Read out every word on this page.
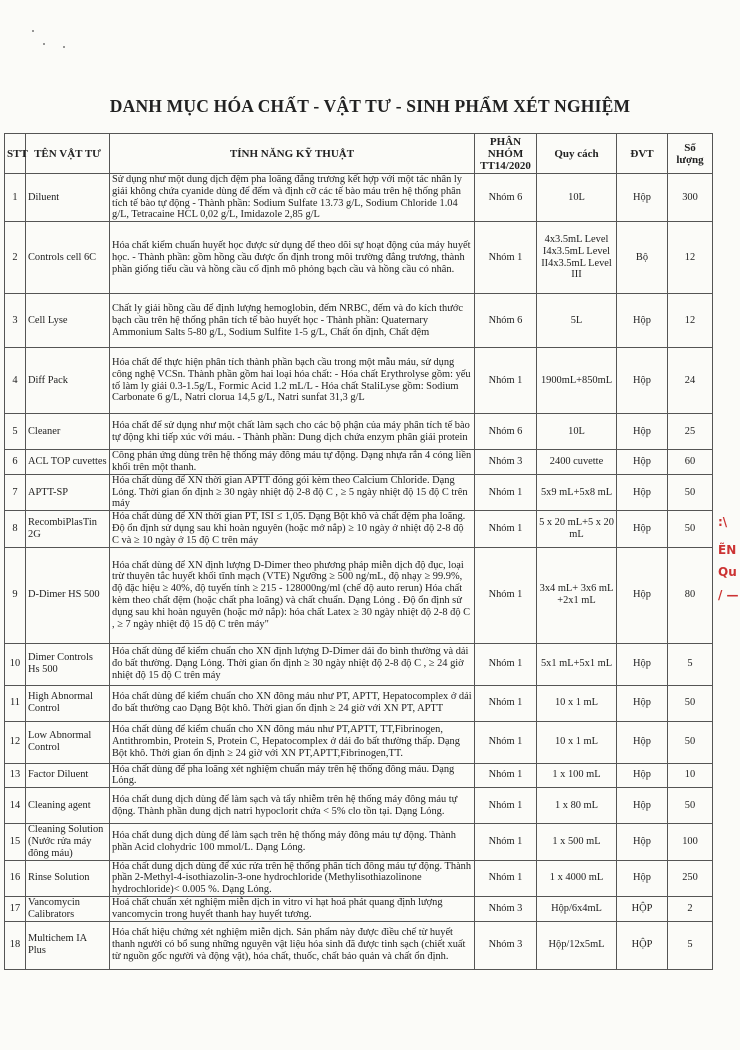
DANH MỤC HÓA CHẤT - VẬT TƯ - SINH PHẨM XÉT NGHIỆM
STT	TÊN VẬT TƯ	TÍNH NĂNG KỸ THUẬT	PHÂN NHÓM TT14/2020	Quy cách	ĐVT	Số lượng
1	Diluent	Sử dụng như một dung dịch đệm pha loãng đẳng trương kết hợp với một tác nhân ly giải không chứa cyanide dùng để đếm và định cỡ các tế bào máu trên hệ thống phân tích tế bào tự động - Thành phần: Sodium Sulfate 13.73 g/L, Sodium Chloride 1.04 g/L, Tetracaine HCL 0,02 g/L, Imidazole 2,85 g/L	Nhóm 6	10L	Hộp	300
2	Controls cell 6C	Hóa chất kiểm chuẩn huyết học được sử dụng để theo dõi sự hoạt động của máy huyết học. - Thành phần: gồm hồng cầu được ổn định trong môi trường đẳng trương, thành phần giống tiểu cầu và hồng cầu cố định mô phỏng bạch cầu và hồng cầu có nhân.	Nhóm 1	4x3.5mL Level I4x3.5mL Level II4x3.5mL Level III	Bộ	12
3	Cell Lyse	Chất ly giải hồng cầu để định lượng hemoglobin, đếm NRBC, đếm và đo kích thước bạch cầu trên hệ thống phân tích tế bào huyết học - Thành phần: Quaternary Ammonium Salts 5-80 g/L, Sodium Sulfite 1-5 g/L, Chất ổn định, Chất đệm	Nhóm 6	5L	Hộp	12
4	Diff Pack	Hóa chất để thực hiện phân tích thành phần bạch cầu trong một mẫu máu, sử dụng công nghệ VCSn. Thành phần gồm hai loại hóa chất: - Hóa chất Erythrolyse gồm: yếu tố làm ly giải 0.3-1.5g/L, Formic Acid 1.2 mL/L - Hóa chất StaliLyse gồm: Sodium Carbonate 6 g/L, Natri clorua 14,5 g/L, Natri sunfat 31,3 g/L	Nhóm 1	1900mL+850mL	Hộp	24
5	Cleaner	Hóa chất để sử dụng như một chất làm sạch cho các bộ phận của máy phân tích tế bào tự động khi tiếp xúc với máu. - Thành phần: Dung dịch chứa enzym phân giải protein	Nhóm 6	10L	Hộp	25
6	ACL TOP cuvettes	Công phản ứng dùng trên hệ thống máy đông máu tự động. Dạng nhựa rắn 4 cóng liền khối trên một thanh.	Nhóm 3	2400 cuvette	Hộp	60
7	APTT-SP	Hóa chất dùng để XN thời gian APTT đóng gói kèm theo Calcium Chloride. Dạng Lỏng. Thời gian ổn định ≥ 30 ngày nhiệt độ 2-8 độ C , ≥ 5 ngày nhiệt độ 15 độ C trên máy	Nhóm 1	5x9 mL+5x8 mL	Hộp	50
8	RecombiPlasTin 2G	Hóa chất dùng để XN thời gian PT, ISI ≤ 1,05. Dạng Bột khô và chất đệm pha loãng. Độ ổn định sử dụng sau khi hoàn nguyên (hoặc mở nắp) ≥ 10 ngày ở nhiệt độ 2-8 độ C và ≥ 10 ngày ở 15 độ C trên máy	Nhóm 1	5 x 20 mL+5 x 20 mL	Hộp	50
9	D-Dimer HS 500	Hóa chất dùng để XN định lượng D-Dimer theo phương pháp miễn dịch độ đục, loại trừ thuyên tắc huyết khối tĩnh mạch (VTE) Ngưỡng ≥ 500 ng/mL, độ nhạy ≥ 99.9%, độ đặc hiệu ≥ 40%, độ tuyến tính ≥ 215 - 128000ng/ml (chế độ auto rerun) Hóa chất kèm theo chất đệm (hoặc chất pha loãng) và chất chuẩn. Dạng Lỏng . Độ ổn định sử dụng sau khi hoàn nguyên (hoặc mở nắp): hóa chất Latex ≥ 30 ngày nhiệt độ 2-8 độ C , ≥ 7 ngày nhiệt độ 15 độ C trên máy"	Nhóm 1	3x4 mL+ 3x6 mL +2x1 mL	Hộp	80
10	Dimer Controls Hs 500	Hóa chất dùng để kiểm chuẩn cho XN định lượng D-Dimer dải đo bình thường và dải đo bất thường. Dạng Lỏng. Thời gian ổn định ≥ 30 ngày nhiệt độ 2-8 độ C , ≥ 24 giờ nhiệt độ 15 độ C trên máy	Nhóm 1	5x1 mL+5x1 mL	Hộp	5
11	High Abnormal Control	Hóa chất dùng để kiểm chuẩn cho XN đông máu như PT, APTT, Hepatocomplex ở dải đo bất thường cao Dạng Bột khô. Thời gian ổn định ≥ 24 giờ với XN PT, APTT	Nhóm 1	10 x 1 mL	Hộp	50
12	Low Abnormal Control	Hóa chất dùng để kiểm chuẩn cho XN đông máu như PT,APTT, TT,Fibrinogen, Antithrombin, Protein S, Protein C, Hepatocomplex ở dải đo bất thường thấp. Dạng Bột khô. Thời gian ổn định ≥ 24 giờ với XN PT,APTT,Fibrinogen,TT.	Nhóm 1	10 x 1 mL	Hộp	50
13	Factor Diluent	Hóa chất dùng để pha loãng xét nghiệm chuẩn máy trên hệ thống đông máu. Dạng Lỏng.	Nhóm 1	1 x 100 mL	Hộp	10
14	Cleaning agent	Hóa chất dung dịch dùng để làm sạch và tẩy nhiễm trên hệ thống máy đông máu tự động. Thành phần dung dịch natri hypoclorit chứa < 5% clo tồn tại. Dạng Lỏng.	Nhóm 1	1 x 80 mL	Hộp	50
15	Cleaning Solution (Nước rửa máy đông máu)	Hóa chất dung dịch dùng để làm sạch trên hệ thống máy đông máu tự động. Thành phần Acid clohydric 100 mmol/L. Dạng Lỏng.	Nhóm 1	1 x 500 mL	Hộp	100
16	Rinse Solution	Hóa chất dung dịch dùng để xúc rửa trên hệ thống phân tích đông máu tự động. Thành phần 2-Methyl-4-isothiazolin-3-one hydrochloride (Methylisothiazolinone hydrochloride)< 0.005 %. Dạng Lỏng.	Nhóm 1	1 x 4000 mL	Hộp	250
17	Vancomycin Calibrators	Hoá chất chuẩn xét nghiệm miễn dịch in vitro vi hạt hoá phát quang định lượng vancomycin trong huyết thanh hay huyết tương.	Nhóm 3	Hộp/6x4mL	HỘP	2
18	Multichem IA Plus	Hóa chất hiệu chứng xét nghiệm miễn dịch. Sản phẩm này được điều chế từ huyết thanh người có bổ sung những nguyên vật liệu hóa sinh đã được tinh sạch (chiết xuất từ nguồn gốc người và động vật), hóa chất, thuốc, chất bảo quản và chất ổn định.	Nhóm 3	Hộp/12x5mL	HỘP	5
:\
ẼN
Qu
/ —
